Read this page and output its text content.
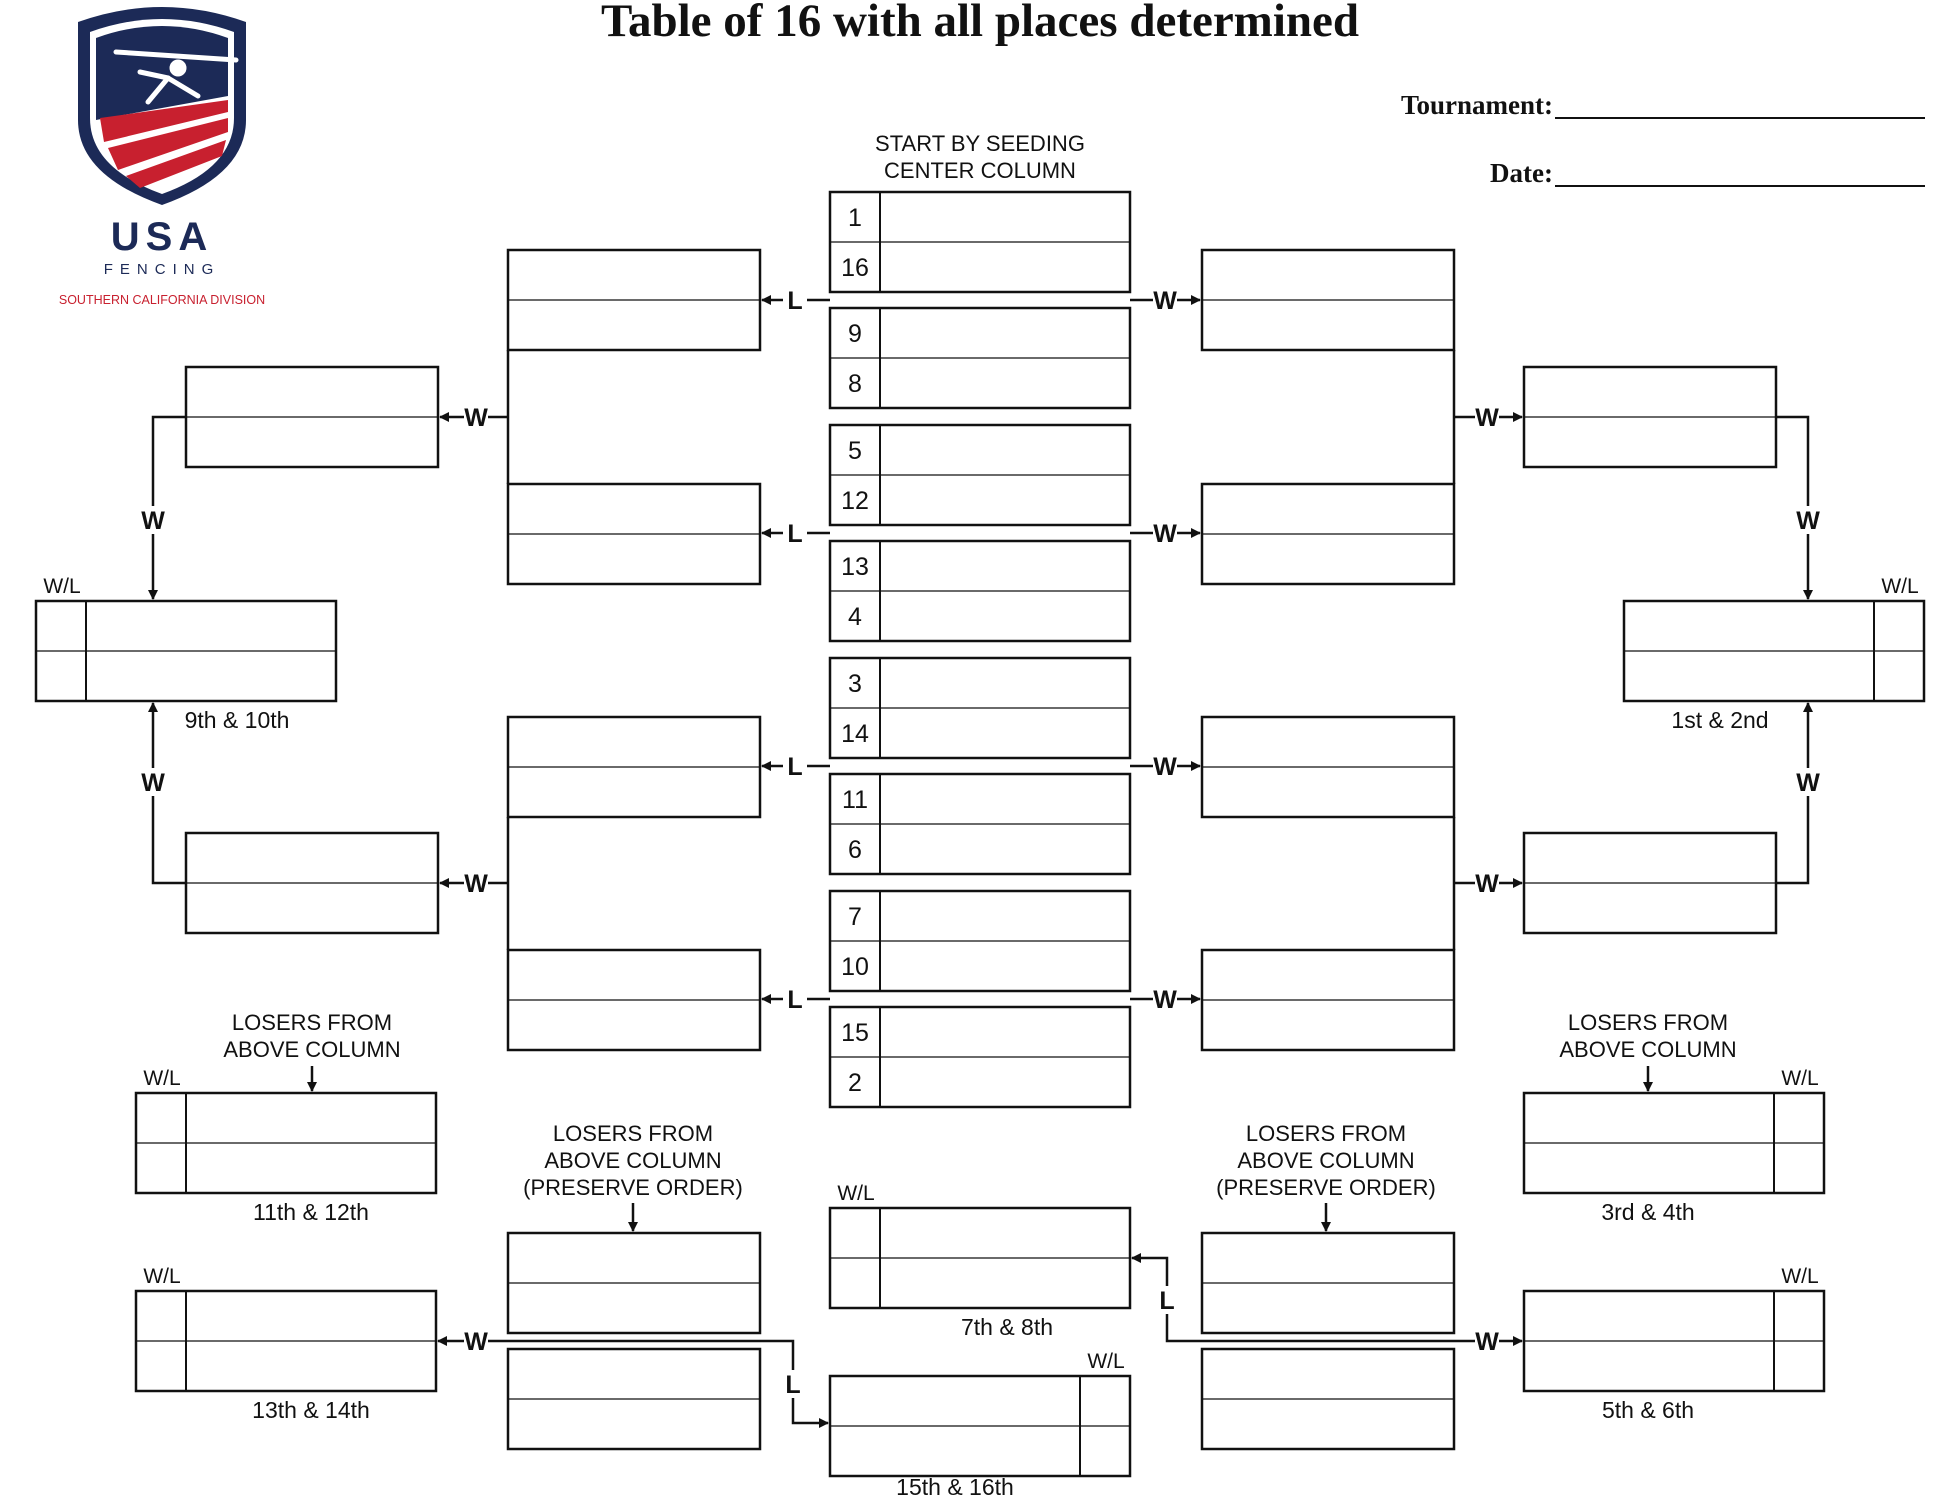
USA
FENCING
SOUTHERN CALIFORNIA DIVISION
Table of 16 with all places determined
Tournament:
Date:
START BY SEEDING
CENTER COLUMN
1
16
9
8
L	W
5
12
13
4
L	W
3
14
11
6
L	W
7
10
15
2
L	W
W	W
W	W
W/L
W
W
9th & 10th
W/L
W
W
1st & 2nd
LOSERS FROM
ABOVE COLUMN
LOSERS FROM
ABOVE COLUMN
LOSERS FROM
ABOVE COLUMN
(PRESERVE ORDER)
LOSERS FROM
ABOVE COLUMN
(PRESERVE ORDER)
W/L
11th & 12th
W/L
13th & 14th
W/L
3rd & 4th
W/L
5th & 6th
W
L
W
L
W/L
7th & 8th
W/L
15th & 16th
